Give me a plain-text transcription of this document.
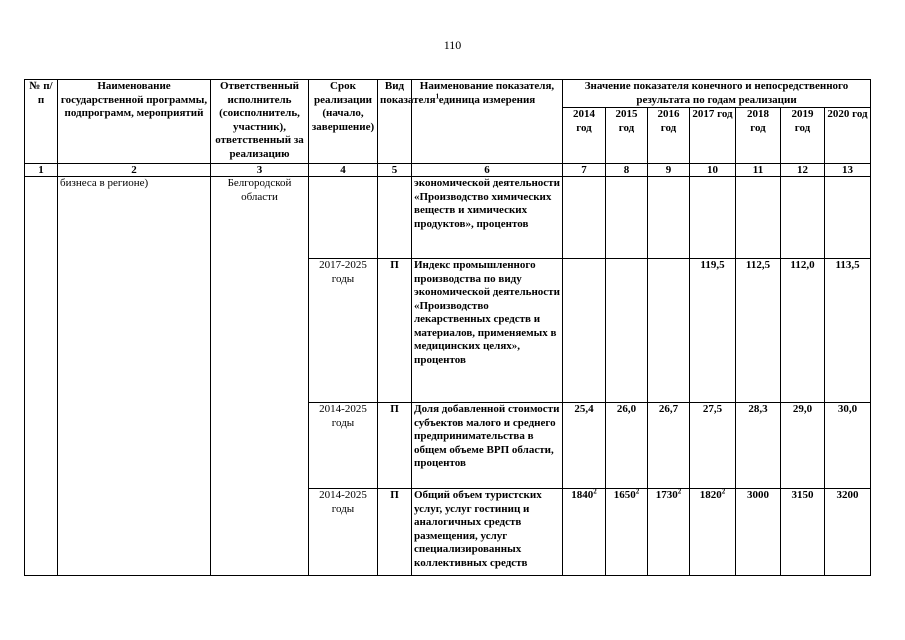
110
№ п/п	Наименование государственной программы, подпрограмм, мероприятий	Ответственный исполнитель (соисполнитель, участник), ответственный за реализацию	Срок реализации (начало, завершение)	Вид показателя$^1$	Наименование показателя, единица измерения	Значение показателя конечного и непосредственного результата по годам реализации						
						2014 год	2015 год	2016 год	2017 год	2018 год	2019 год	2020 год
1	2	3	4	5	6	7	8	9	10	11	12	13
	бизнеса в регионе)	Белгородской области			экономической деятельности «Производство химических веществ и химических продуктов», процентов							
			2017-2025 годы	П	Индекс промышленного производства по виду экономической деятельности «Производство лекарственных средств и материалов, применяемых в медицинских целях», процентов				119,5	112,5	112,0	113,5
			2014-2025 годы	П	Доля добавленной стоимости субъектов малого и среднего предпринимательства в общем объеме ВРП области, процентов	25,4	26,0	26,7	27,5	28,3	29,0	30,0
			2014-2025 годы	П	Общий объем туристских услуг, услуг гостиниц и аналогичных средств размещения, услуг специализированных коллективных средств	1840$^2$	1650$^2$	1730$^2$	1820$^2$	3000	3150	3200
